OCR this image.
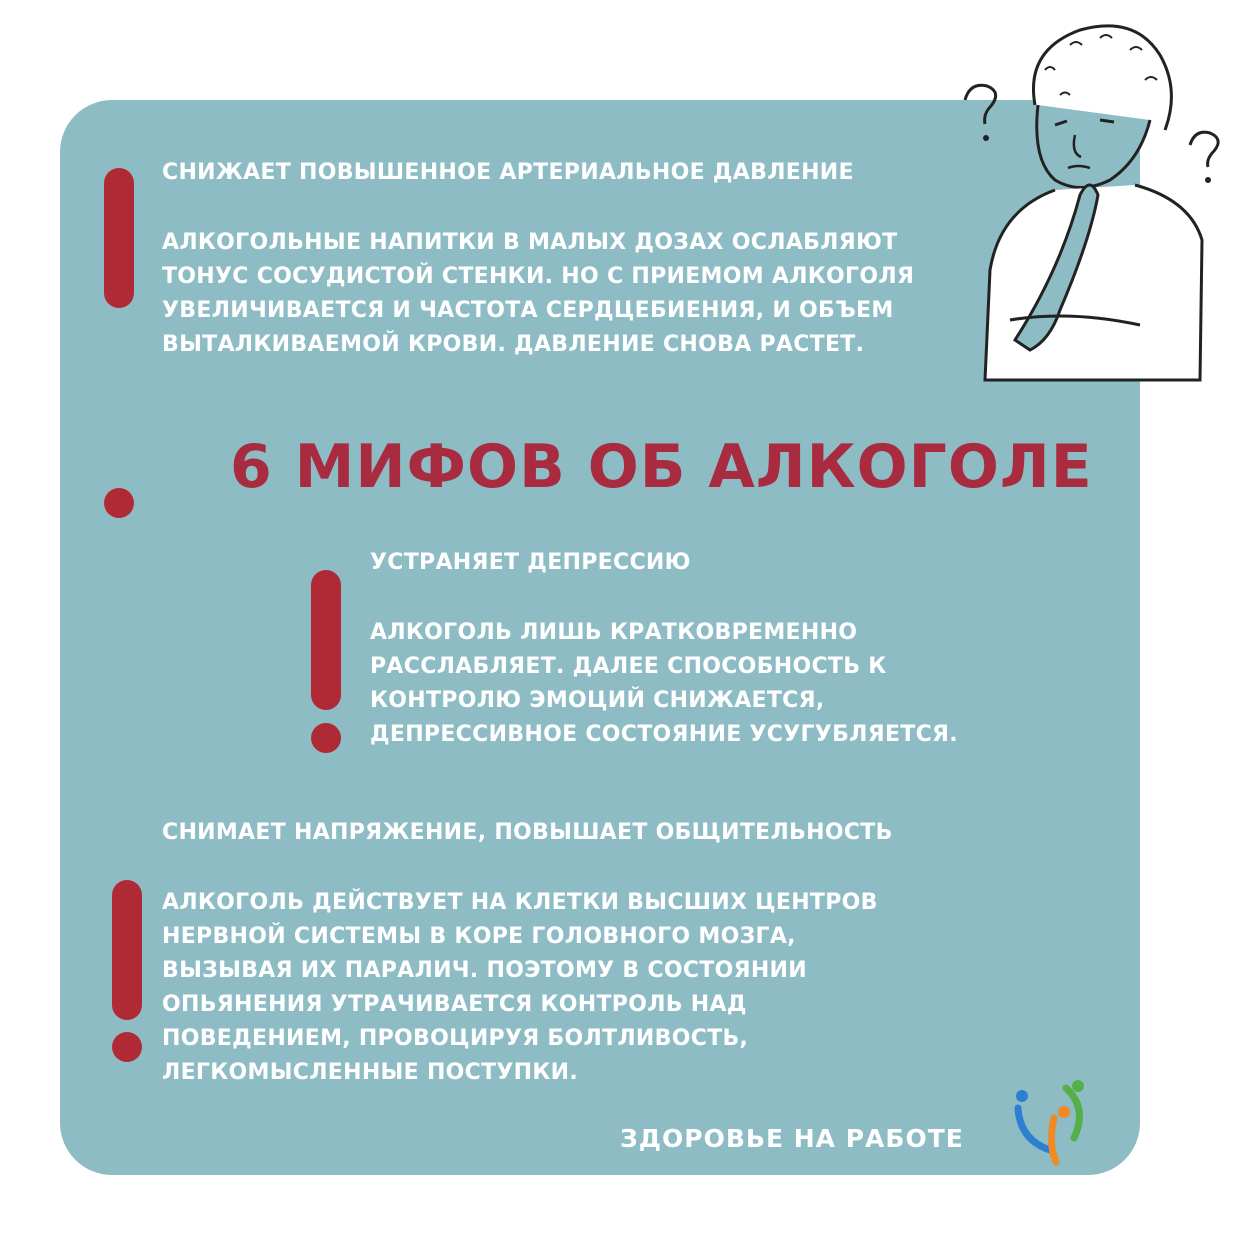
СНИЖАЕТ ПОВЫШЕННОЕ АРТЕРИАЛЬНОЕ ДАВЛЕНИЕ
АЛКОГОЛЬНЫЕ НАПИТКИ В МАЛЫХ ДОЗАХ ОСЛАБЛЯЮТ
ТОНУС СОСУДИСТОЙ СТЕНКИ. НО С ПРИЕМОМ АЛКОГОЛЯ
УВЕЛИЧИВАЕТСЯ И ЧАСТОТА СЕРДЦЕБИЕНИЯ, И ОБЪЕМ
ВЫТАЛКИВАЕМОЙ КРОВИ. ДАВЛЕНИЕ СНОВА РАСТЕТ.
6 МИФОВ ОБ АЛКОГОЛЕ
УСТРАНЯЕТ ДЕПРЕССИЮ
АЛКОГОЛЬ ЛИШЬ КРАТКОВРЕМЕННО
РАССЛАБЛЯЕТ. ДАЛЕЕ СПОСОБНОСТЬ К
КОНТРОЛЮ ЭМОЦИЙ СНИЖАЕТСЯ,
ДЕПРЕССИВНОЕ СОСТОЯНИЕ УСУГУБЛЯЕТСЯ.
СНИМАЕТ НАПРЯЖЕНИЕ, ПОВЫШАЕТ ОБЩИТЕЛЬНОСТЬ
АЛКОГОЛЬ ДЕЙСТВУЕТ НА КЛЕТКИ ВЫСШИХ ЦЕНТРОВ
НЕРВНОЙ СИСТЕМЫ В КОРЕ ГОЛОВНОГО МОЗГА,
ВЫЗЫВАЯ ИХ ПАРАЛИЧ. ПОЭТОМУ В СОСТОЯНИИ
ОПЬЯНЕНИЯ УТРАЧИВАЕТСЯ КОНТРОЛЬ НАД
ПОВЕДЕНИЕМ, ПРОВОЦИРУЯ БОЛТЛИВОСТЬ,
ЛЕГКОМЫСЛЕННЫЕ ПОСТУПКИ.
ЗДОРОВЬЕ НА РАБОТЕ
